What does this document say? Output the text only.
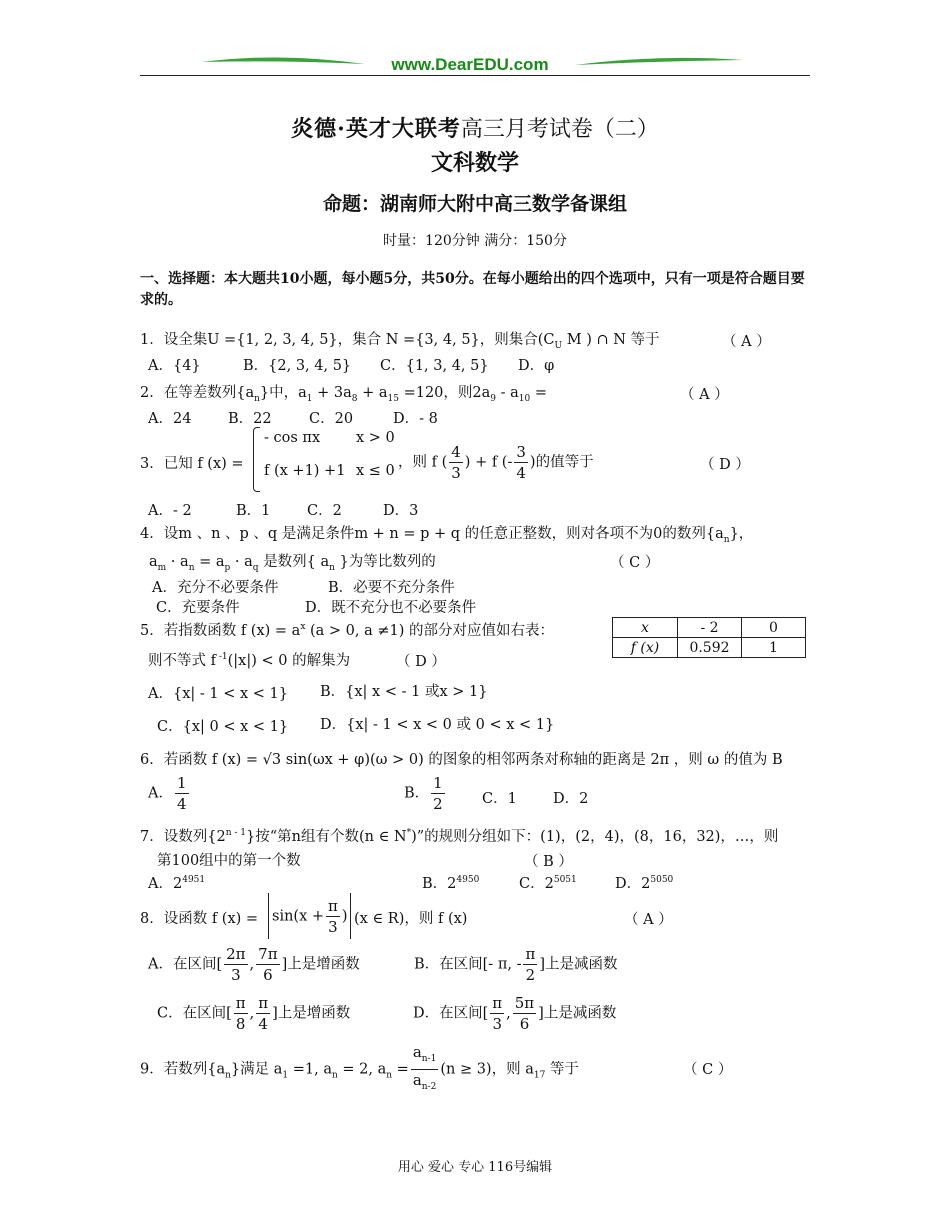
www.DearEDU.com
炎德·英才大联考高三月考试卷（二）
文科数学
命题：湖南师大附中高三数学备课组
时量：120分钟 满分：150分
一、选择题：本大题共10小题，每小题5分，共50分。在每小题给出的四个选项中，只有一项是符合题目要求的。
1．设全集U ={1, 2, 3, 4, 5}，集合 N ={3, 4, 5}，则集合($C_U$ M ) ∩ N 等于	（ A ）
A．{4}	B．{2, 3, 4, 5} C．{1, 3, 4, 5} D．φ
2．在等差数列$\{a_n\}$中，$a_1 + 3a_8 + a_{15} =120$，则$2a_9 - a_{10}$ =	（ A ）
A．24	B．22	C．20	D．- 8
3．已知 f (x) =
- cos πx x > 0
f (x +1) +1 x ≤ 0
，则 f ( $\frac{4}{3}$ ) + f (- $\frac{3}{4}$ )的值等于	（ D ）
A．- 2	B．1	C．2	D．3
4．设m 、n 、p 、q 是满足条件m + n = p + q 的任意正整数，则对各项不为0的数列$\{a_n\}$，
$a_m \cdot a_n = a_p \cdot a_q$ 是数列{ $a_n$ }为等比数列的	（ C ）
A．充分不必要条件	B．必要不充分条件
C．充要条件	D．既不充分也不必要条件
5．若指数函数 f $(x) = a^x$ (a > 0, a ≠1) 的部分对应值如右表：
则不等式 f $^{-1}$(|x|) < 0 的解集为	（ D ）
x	- 2	0
f (x)	0.592	1
A．{x| - 1 < x < 1} B．{x| x < - 1 或x > 1}
C．{x| 0 < x < 1} D．{x| - 1 < x < 0 或 0 < x < 1}
6．若函数 f (x) = √3 sin(ωx + φ)(ω > 0) 的图象的相邻两条对称轴的距离是 2π ，则 ω 的值为 B
A． $\frac{1}{4}$	B． $\frac{1}{2}$	C．1 D．2
7．设数列{2$^{n - 1}$}按“第n组有个数(n ∈ N*)”的规则分组如下：(1)，(2，4)，(8，16，32)，…，则
第100组中的第一个数	（ B ）
A．$2^{4951}$	B．$2^{4950}$	C．$2^{5051}$	D．$2^{5050}$
8．设函数 f $(x) = \sin(x + \frac{\pi}{3}$ ) (x ∈ R)，则 f (x)	（ A ）
A．在区间[ $\frac{2\pi}{3}$ , $\frac{7\pi}{6}$ ]上是增函数	B．在区间[- π, - $\frac{\pi}{2}$ ]上是减函数
C．在区间[ $\frac{\pi}{8}$ , $\frac{\pi}{4}$ ]上是增函数	D．在区间[ $\frac{\pi}{3}$ , $\frac{5\pi}{6}$ ]上是减函数
9．若数列$\{a_n\}$满足 $a_1 =1$, $a_n = 2$, $a_n = \frac{a_{n-1}}{a_{n-2}} (n \ge 3)$，则 $a_{17}$ 等于	（ C ）
用心 爱心 专心 116号编辑
